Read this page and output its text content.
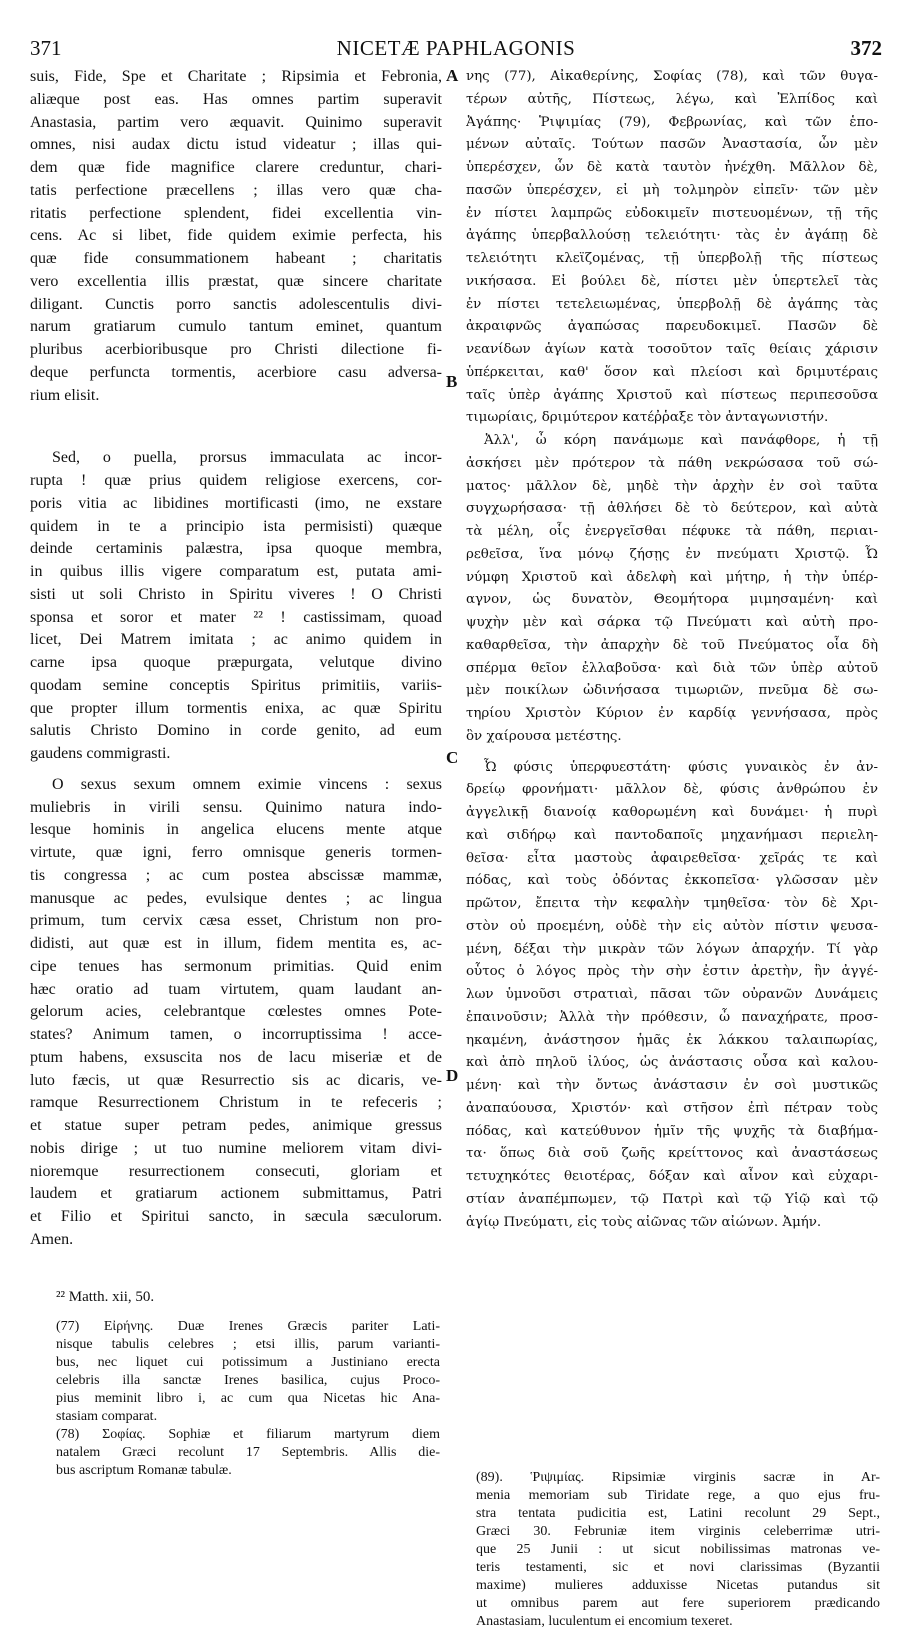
371	NICETÆ PAPHLAGONIS	372
A
B
C
D
suis, Fide, Spe et Charitate ; Ripsimia et Febronia,
aliæque post eas. Has omnes partim superavit
Anastasia, partim vero æquavit. Quinimo superavit
omnes, nisi audax dictu istud videatur ; illas qui-
dem quæ fide magnifice clarere creduntur, chari-
tatis perfectione præcellens ; illas vero quæ cha-
ritatis perfectione splendent, fidei excellentia vin-
cens. Ac si libet, fide quidem eximie perfecta, his
quæ fide consummationem habeant ; charitatis
vero excellentia illis præstat, quæ sincere charitate
diligant. Cunctis porro sanctis adolescentulis divi-
narum gratiarum cumulo tantum eminet, quantum
pluribus acerbioribusque pro Christi dilectione fi-
deque perfuncta tormentis, acerbiore casu adversa-
rium elisit.
Sed, o puella, prorsus immaculata ac incor-
rupta ! quæ prius quidem religiose exercens, cor-
poris vitia ac libidines mortificasti (imo, ne exstare
quidem in te a principio ista permisisti) quæque
deinde certaminis palæstra, ipsa quoque membra,
in quibus illis vigere comparatum est, putata ami-
sisti ut soli Christo in Spiritu viveres ! O Christi
sponsa et soror et mater ²² ! castissimam, quoad
licet, Dei Matrem imitata ; ac animo quidem in
carne ipsa quoque præpurgata, velutque divino
quodam semine conceptis Spiritus primitiis, variis-
que propter illum tormentis enixa, ac quæ Spiritu
salutis Christo Domino in corde genito, ad eum
gaudens commigrasti.
O sexus sexum omnem eximie vincens : sexus
muliebris in virili sensu. Quinimo natura indo-
lesque hominis in angelica elucens mente atque
virtute, quæ igni, ferro omnisque generis tormen-
tis congressa ; ac cum postea abscissæ mammæ,
manusque ac pedes, evulsique dentes ; ac lingua
primum, tum cervix cæsa esset, Christum non pro-
didisti, aut quæ est in illum, fidem mentita es, ac-
cipe tenues has sermonum primitias. Quid enim
hæc oratio ad tuam virtutem, quam laudant an-
gelorum acies, celebrantque cœlestes omnes Pote-
states? Animum tamen, o incorruptissima ! acce-
ptum habens, exsuscita nos de lacu miseriæ et de
luto fæcis, ut quæ Resurrectio sis ac dicaris, ve-
ramque Resurrectionem Christum in te refeceris ;
et statue super petram pedes, animique gressus
nobis dirige ; ut tuo numine meliorem vitam divi-
nioremque resurrectionem consecuti, gloriam et
laudem et gratiarum actionem submittamus, Patri
et Filio et Spiritui sancto, in sæcula sæculorum.
Amen.
νης (77), Αἰκαθερίνης, Σοφίας (78), καὶ τῶν θυγα-
τέρων αὐτῆς, Πίστεως, λέγω, καὶ Ἐλπίδος καὶ
Ἀγάπης· Ῥιψιμίας (79), Φεβρωνίας, καὶ τῶν ἑπο-
μένων αὐταῖς. Τούτων πασῶν Ἀναστασία, ὧν μὲν
ὑπερέσχεν, ὧν δὲ κατὰ ταυτὸν ἠνέχθη. Μᾶλλον δὲ,
πασῶν ὑπερέσχεν, εἰ μὴ τολμηρὸν εἰπεῖν· τῶν μὲν
ἐν πίστει λαμπρῶς εὐδοκιμεῖν πιστευομένων, τῇ τῆς
ἀγάπης ὑπερβαλλούσῃ τελειότητι· τὰς ἐν ἀγάπῃ δὲ
τελειότητι κλεϊζομένας, τῇ ὑπερβολῇ τῆς πίστεως
νικήσασα. Εἰ βούλει δὲ, πίστει μὲν ὑπερτελεῖ τὰς
ἐν πίστει τετελειωμένας, ὑπερβολῇ δὲ ἀγάπης τὰς
ἀκραιφνῶς ἀγαπώσας παρευδοκιμεῖ. Πασῶν δὲ
νεανίδων ἁγίων κατὰ τοσοῦτον ταῖς θείαις χάρισιν
ὑπέρκειται, καθ' ὅσον καὶ πλείοσι καὶ δριμυτέραις
ταῖς ὑπὲρ ἀγάπης Χριστοῦ καὶ πίστεως περιπεσοῦσα
τιμωρίαις, δριμύτερον κατέῤῥαξε τὸν ἀνταγωνιστήν.
Ἀλλ', ὦ κόρη πανάμωμε καὶ πανάφθορε, ἡ τῇ
ἀσκήσει μὲν πρότερον τὰ πάθη νεκρώσασα τοῦ σώ-
ματος· μᾶλλον δὲ, μηδὲ τὴν ἀρχὴν ἐν σοὶ ταῦτα
συγχωρήσασα· τῇ ἀθλήσει δὲ τὸ δεύτερον, καὶ αὐτὰ
τὰ μέλη, οἷς ἐνεργεῖσθαι πέφυκε τὰ πάθη, περιαι-
ρεθεῖσα, ἵνα μόνῳ ζήσῃς ἐν πνεύματι Χριστῷ. Ὦ
νύμφη Χριστοῦ καὶ ἀδελφὴ καὶ μήτηρ, ἡ τὴν ὑπέρ-
αγνον, ὡς δυνατὸν, Θεομήτορα μιμησαμένη· καὶ
ψυχὴν μὲν καὶ σάρκα τῷ Πνεύματι καὶ αὐτὴ προ-
καθαρθεῖσα, τὴν ἀπαρχὴν δὲ τοῦ Πνεύματος οἷα δὴ
σπέρμα θεῖον ἐλλαβοῦσα· καὶ διὰ τῶν ὑπὲρ αὐτοῦ
μὲν ποικίλων ὠδινήσασα τιμωριῶν, πνεῦμα δὲ σω-
τηρίου Χριστὸν Κύριον ἐν καρδίᾳ γεννήσασα, πρὸς
ὃν χαίρουσα μετέστης.
Ὦ φύσις ὑπερφυεστάτη· φύσις γυναικὸς ἐν ἀν-
δρείῳ φρονήματι· μᾶλλον δὲ, φύσις ἀνθρώπου ἐν
ἀγγελικῇ διανοίᾳ καθορωμένη καὶ δυνάμει· ἡ πυρὶ
καὶ σιδήρῳ καὶ παντοδαποῖς μηχανήμασι περιελη-
θεῖσα· εἶτα μαστοὺς ἀφαιρεθεῖσα· χεῖράς τε καὶ
πόδας, καὶ τοὺς ὀδόντας ἐκκοπεῖσα· γλῶσσαν μὲν
πρῶτον, ἔπειτα τὴν κεφαλὴν τμηθεῖσα· τὸν δὲ Χρι-
στὸν οὐ προεμένη, οὐδὲ τὴν εἰς αὐτὸν πίστιν ψευσα-
μένη, δέξαι τὴν μικρὰν τῶν λόγων ἀπαρχήν. Τί γὰρ
οὗτος ὁ λόγος πρὸς τὴν σὴν ἐστιν ἀρετὴν, ἣν ἀγγέ-
λων ὑμνοῦσι στρατιαὶ, πᾶσαι τῶν οὐρανῶν Δυνάμεις
ἐπαινοῦσιν; Ἀλλὰ τὴν πρόθεσιν, ὦ παναχήρατε, προσ-
ηκαμένη, ἀνάστησον ἡμᾶς ἐκ λάκκου ταλαιπωρίας,
καὶ ἀπὸ πηλοῦ ἰλύος, ὡς ἀνάστασις οὖσα καὶ καλου-
μένη· καὶ τὴν ὄντως ἀνάστασιν ἐν σοὶ μυστικῶς
ἀναπαύουσα, Χριστόν· καὶ στῆσον ἐπὶ πέτραν τοὺς
πόδας, καὶ κατεύθυνον ἡμῖν τῆς ψυχῆς τὰ διαβήμα-
τα· ὅπως διὰ σοῦ ζωῆς κρείττονος καὶ ἀναστάσεως
τετυχηκότες θειοτέρας, δόξαν καὶ αἶνον καὶ εὐχαρι-
στίαν ἀναπέμπωμεν, τῷ Πατρὶ καὶ τῷ Υἱῷ καὶ τῷ
ἁγίῳ Πνεύματι, εἰς τοὺς αἰῶνας τῶν αἰώνων. Ἀμήν.
²² Matth. xii, 50.
(77) Εἰρήνης. Duæ Irenes Græcis pariter Lati-
nisque tabulis celebres ; etsi illis, parum varianti-
bus, nec liquet cui potissimum a Justiniano erecta
celebris illa sanctæ Irenes basilica, cujus Proco-
pius meminit libro i, ac cum qua Nicetas hic Ana-
stasiam comparat.
(78) Σοφίας. Sophiæ et filiarum martyrum diem
natalem Græci recolunt 17 Septembris. Allis die-
bus ascriptum Romanæ tabulæ.	(89). Ῥιψιμίας. Ripsimiæ virginis sacræ in Ar-
menia memoriam sub Tiridate rege, a quo ejus fru-
stra tentata pudicitia est, Latini recolunt 29 Sept.,
Græci 30. Februniæ item virginis celeberrimæ utri-
que 25 Junii : ut sicut nobilissimas matronas ve-
teris testamenti, sic et novi clarissimas (Byzantii
maxime) mulieres adduxisse Nicetas putandus sit
ut omnibus parem aut fere superiorem prædicando
Anastasiam, luculentum ei encomium texeret.
